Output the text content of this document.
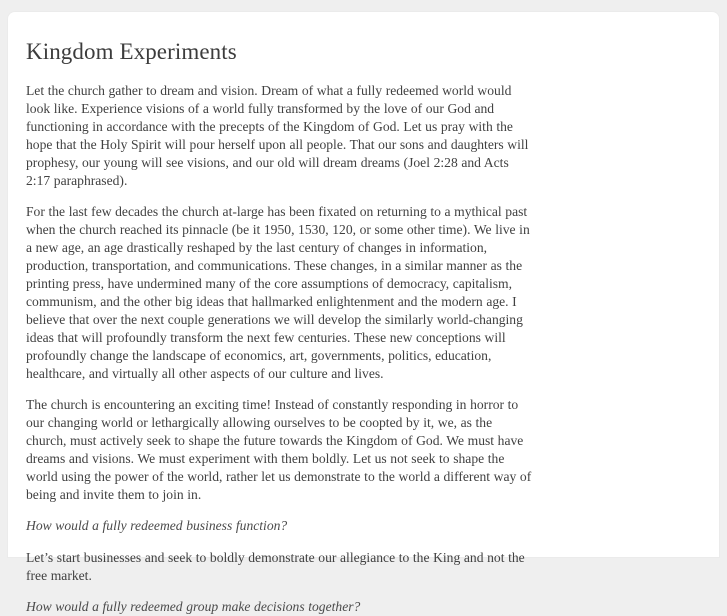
Kingdom Experiments

Let the church gather to dream and vision. Dream of what a fully redeemed world would look like. Experience visions of a world fully transformed by the love of our God and functioning in accordance with the precepts of the Kingdom of God. Let us pray with the hope that the Holy Spirit will pour herself upon all people. That our sons and daughters will prophesy, our young will see visions, and our old will dream dreams (Joel 2:28 and Acts 2:17 paraphrased).

For the last few decades the church at-large has been fixated on returning to a mythical past when the church reached its pinnacle (be it 1950, 1530, 120, or some other time). We live in a new age, an age drastically reshaped by the last century of changes in information, production, transportation, and communications. These changes, in a similar manner as the printing press, have undermined many of the core assumptions of democracy, capitalism, communism, and the other big ideas that hallmarked enlightenment and the modern age. I believe that over the next couple generations we will develop the similarly world-changing ideas that will profoundly transform the next few centuries. These new conceptions will profoundly change the landscape of economics, art, governments, politics, education, healthcare, and virtually all other aspects of our culture and lives.

The church is encountering an exciting time! Instead of constantly responding in horror to our changing world or lethargically allowing ourselves to be coopted by it, we, as the church, must actively seek to shape the future towards the Kingdom of God. We must have dreams and visions. We must experiment with them boldly. Let us not seek to shape the world using the power of the world, rather let us demonstrate to the world a different way of being and invite them to join in.

How would a fully redeemed business function?

Let’s start businesses and seek to boldly demonstrate our allegiance to the King and not the free market.

How would a fully redeemed group make decisions together?
